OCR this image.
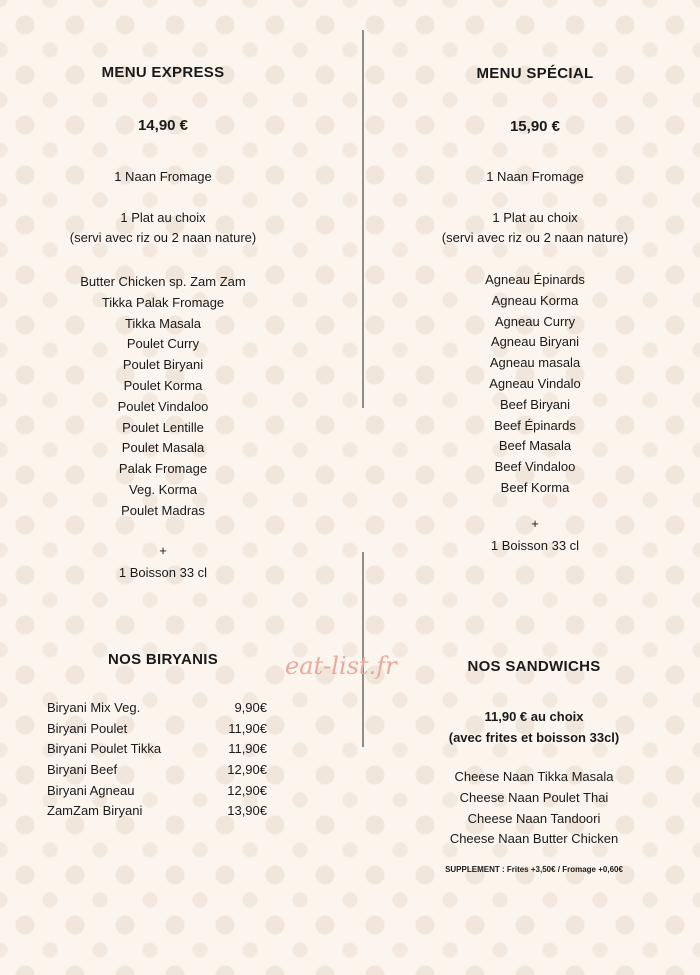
MENU EXPRESS
14,90 €
1 Naan Fromage
1 Plat au choix
(servi avec riz ou 2 naan nature)
Butter Chicken sp. Zam Zam
Tikka Palak Fromage
Tikka Masala
Poulet Curry
Poulet Biryani
Poulet Korma
Poulet Vindaloo
Poulet Lentille
Poulet Masala
Palak Fromage
Veg. Korma
Poulet Madras
+
1 Boisson 33 cl
MENU SPÉCIAL
15,90 €
1 Naan Fromage
1 Plat au choix
(servi avec riz ou 2 naan nature)
Agneau Épinards
Agneau Korma
Agneau Curry
Agneau Biryani
Agneau masala
Agneau Vindalo
Beef Biryani
Beef Épinards
Beef Masala
Beef Vindaloo
Beef Korma
+
1 Boisson 33 cl
NOS BIRYANIS
Biryani Mix Veg.	9,90€
Biryani Poulet	11,90€
Biryani Poulet Tikka	11,90€
Biryani Beef	12,90€
Biryani Agneau	12,90€
ZamZam Biryani	13,90€
eat-list.fr	NOS SANDWICHS
11,90 € au choix
(avec frites et boisson 33cl)
Cheese Naan Tikka Masala
Cheese Naan Poulet Thai
Cheese Naan Tandoori
Cheese Naan Butter Chicken
SUPPLEMENT : Frites +3,50€ / Fromage +0,60€
